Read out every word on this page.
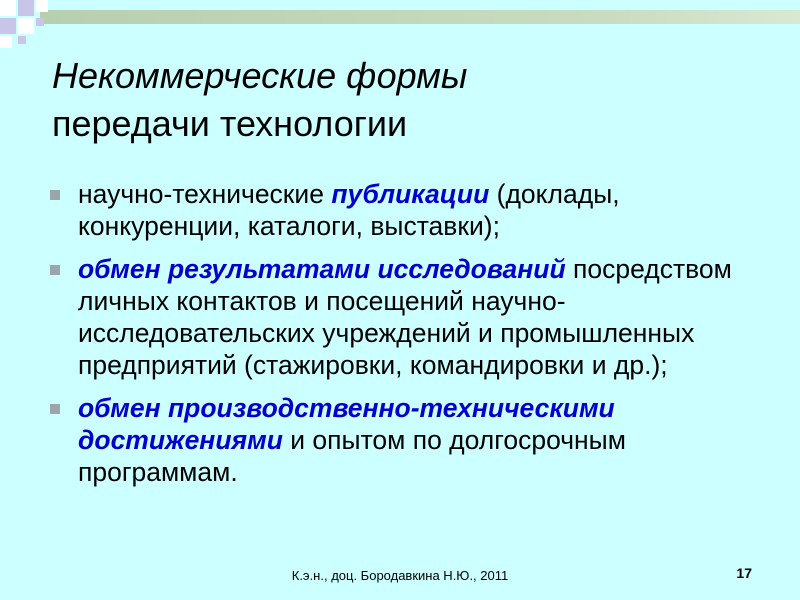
Некоммерческие формы
передачи технологии
научно-технические публикации (доклады, конкуренции, каталоги, выставки);
обмен результатами исследований посредством личных контактов и посещений научно-исследовательских учреждений и промышленных предприятий (стажировки, командировки и др.);
обмен производственно-техническими достижениями и опытом по долгосрочным программам.
К.э.н., доц. Бородавкина Н.Ю., 2011	17
